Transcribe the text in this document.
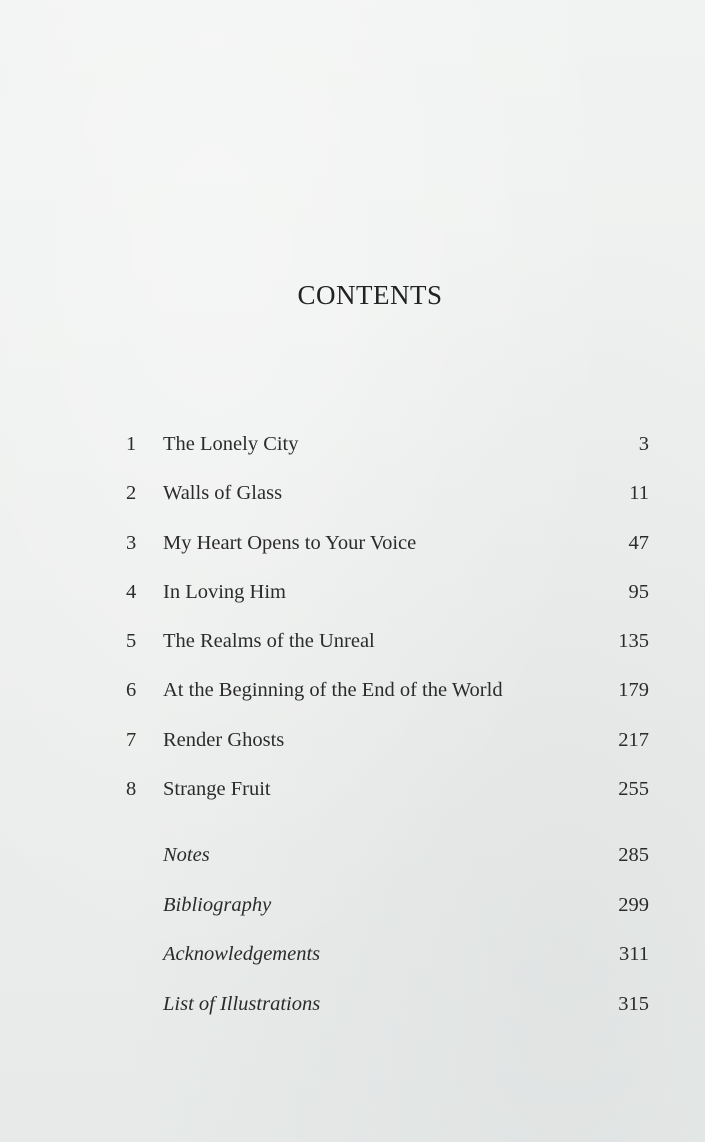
CONTENTS
1	The Lonely City	3
2	Walls of Glass	11
3	My Heart Opens to Your Voice	47
4	In Loving Him	95
5	The Realms of the Unreal	135
6	At the Beginning of the End of the World	179
7	Render Ghosts	217
8	Strange Fruit	255
Notes	285
Bibliography	299
Acknowledgements	311
List of Illustrations	315
